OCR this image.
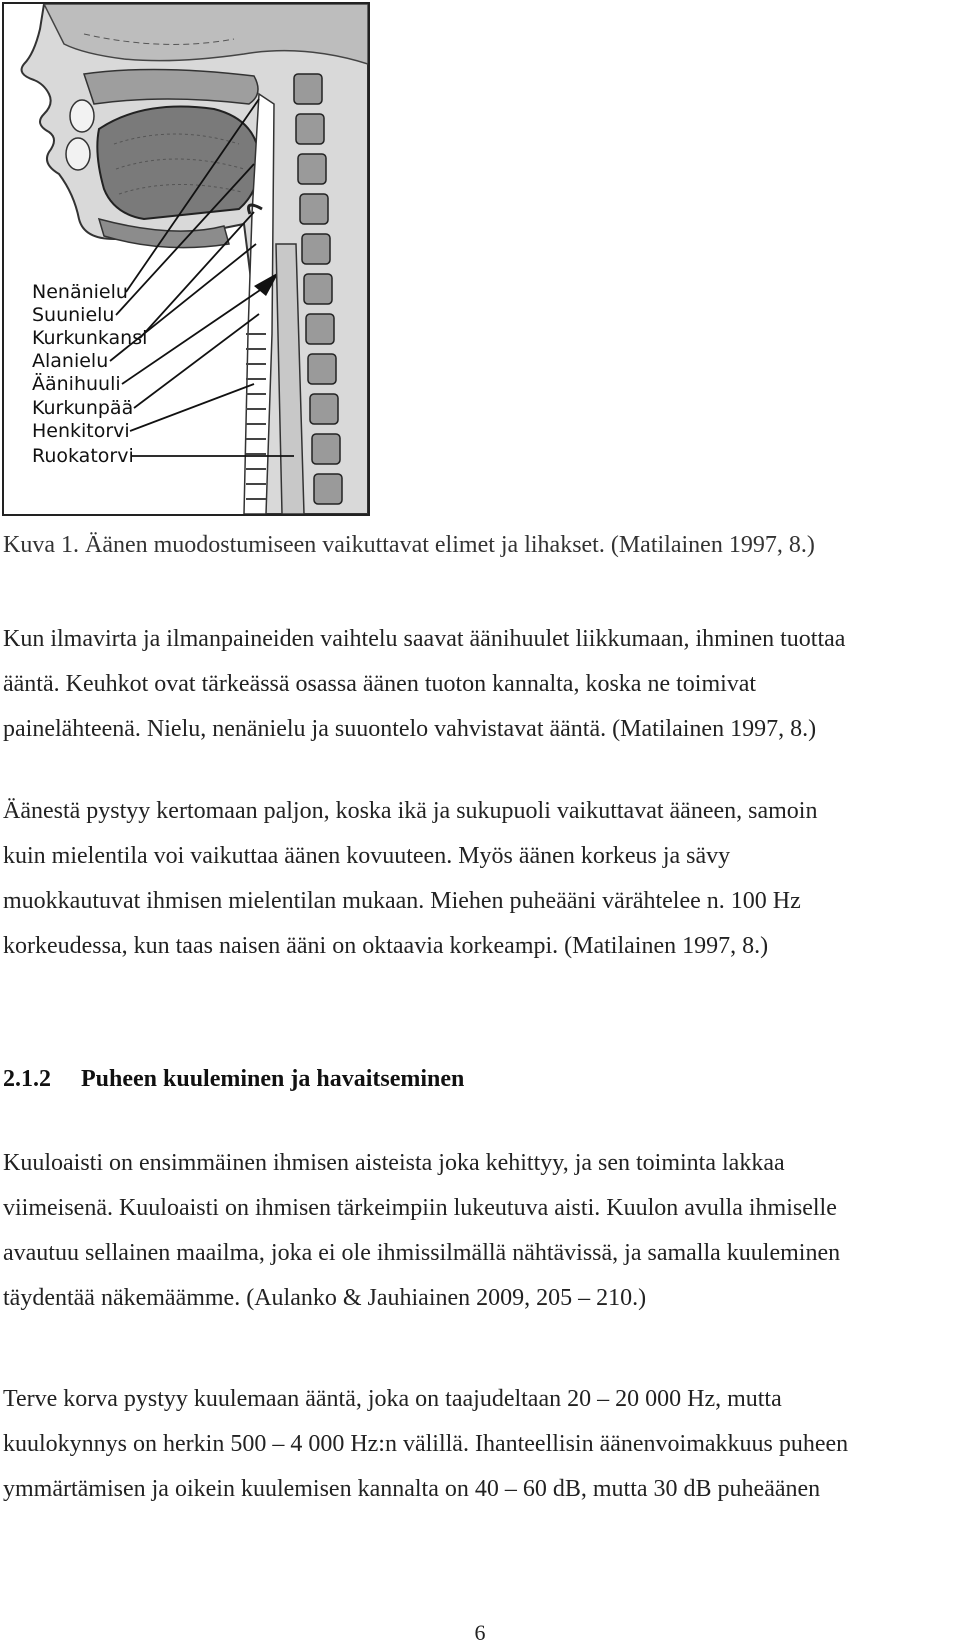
Nenänielu
Suunielu
Kurkunkansi
Alanielu
Äänihuuli
Kurkunpää
Henkitorvi
Ruokatorvi
Kuva 1. Äänen muodostumiseen vaikuttavat elimet ja lihakset. (Matilainen 1997, 8.)

Kun ilmavirta ja ilmanpaineiden vaihtelu saavat äänihuulet liikkumaan, ihminen tuottaa
ääntä. Keuhkot ovat tärkeässä osassa äänen tuoton kannalta, koska ne toimivat
painelähteenä. Nielu, nenänielu ja suuontelo vahvistavat ääntä. (Matilainen 1997, 8.)

Äänestä pystyy kertomaan paljon, koska ikä ja sukupuoli vaikuttavat ääneen, samoin
kuin mielentila voi vaikuttaa äänen kovuuteen. Myös äänen korkeus ja sävy
muokkautuvat ihmisen mielentilan mukaan. Miehen puheääni värähtelee n. 100 Hz
korkeudessa, kun taas naisen ääni on oktaavia korkeampi. (Matilainen 1997, 8.)

2.1.2 Puheen kuuleminen ja havaitseminen

Kuuloaisti on ensimmäinen ihmisen aisteista joka kehittyy, ja sen toiminta lakkaa
viimeisenä. Kuuloaisti on ihmisen tärkeimpiin lukeutuva aisti. Kuulon avulla ihmiselle
avautuu sellainen maailma, joka ei ole ihmissilmällä nähtävissä, ja samalla kuuleminen
täydentää näkemäämme. (Aulanko & Jauhiainen 2009, 205 – 210.)

Terve korva pystyy kuulemaan ääntä, joka on taajudeltaan 20 – 20 000 Hz, mutta
kuulokynnys on herkin 500 – 4 000 Hz:n välillä. Ihanteellisin äänenvoimakkuus puheen
ymmärtämisen ja oikein kuulemisen kannalta on 40 – 60 dB, mutta 30 dB puheäänen

6
